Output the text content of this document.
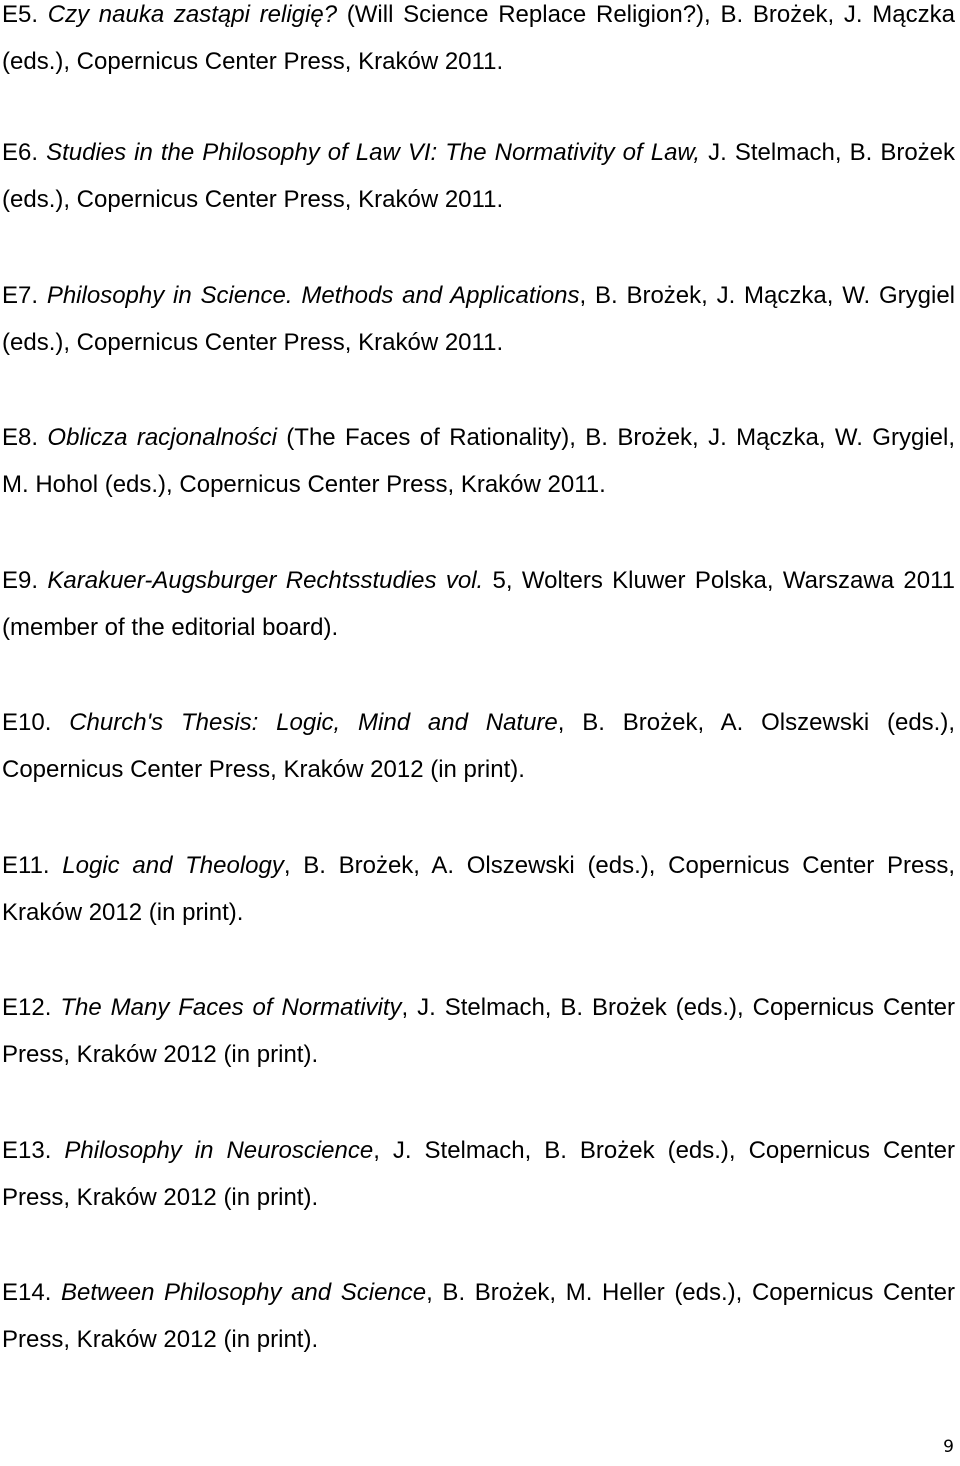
E5. Czy nauka zastąpi religię? (Will Science Replace Religion?), B. Brożek, J. Mączka (eds.), Copernicus Center Press, Kraków 2011.

E6. Studies in the Philosophy of Law VI: The Normativity of Law, J. Stelmach, B. Brożek (eds.), Copernicus Center Press, Kraków 2011.

E7. Philosophy in Science. Methods and Applications, B. Brożek, J. Mączka, W. Grygiel (eds.), Copernicus Center Press, Kraków 2011.

E8. Oblicza racjonalności (The Faces of Rationality), B. Brożek, J. Mączka, W. Grygiel, M. Hohol (eds.), Copernicus Center Press, Kraków 2011.

E9. Karakuer-Augsburger Rechtsstudies vol. 5, Wolters Kluwer Polska, Warszawa 2011 (member of the editorial board).

E10. Church's Thesis: Logic, Mind and Nature, B. Brożek, A. Olszewski (eds.), Copernicus Center Press, Kraków 2012 (in print).

E11. Logic and Theology, B. Brożek, A. Olszewski (eds.), Copernicus Center Press, Kraków 2012 (in print).

E12. The Many Faces of Normativity, J. Stelmach, B. Brożek (eds.), Copernicus Center Press, Kraków 2012 (in print).

E13. Philosophy in Neuroscience, J. Stelmach, B. Brożek (eds.), Copernicus Center Press, Kraków 2012 (in print).

E14. Between Philosophy and Science, B. Brożek, M. Heller (eds.), Copernicus Center Press, Kraków 2012 (in print).

9
